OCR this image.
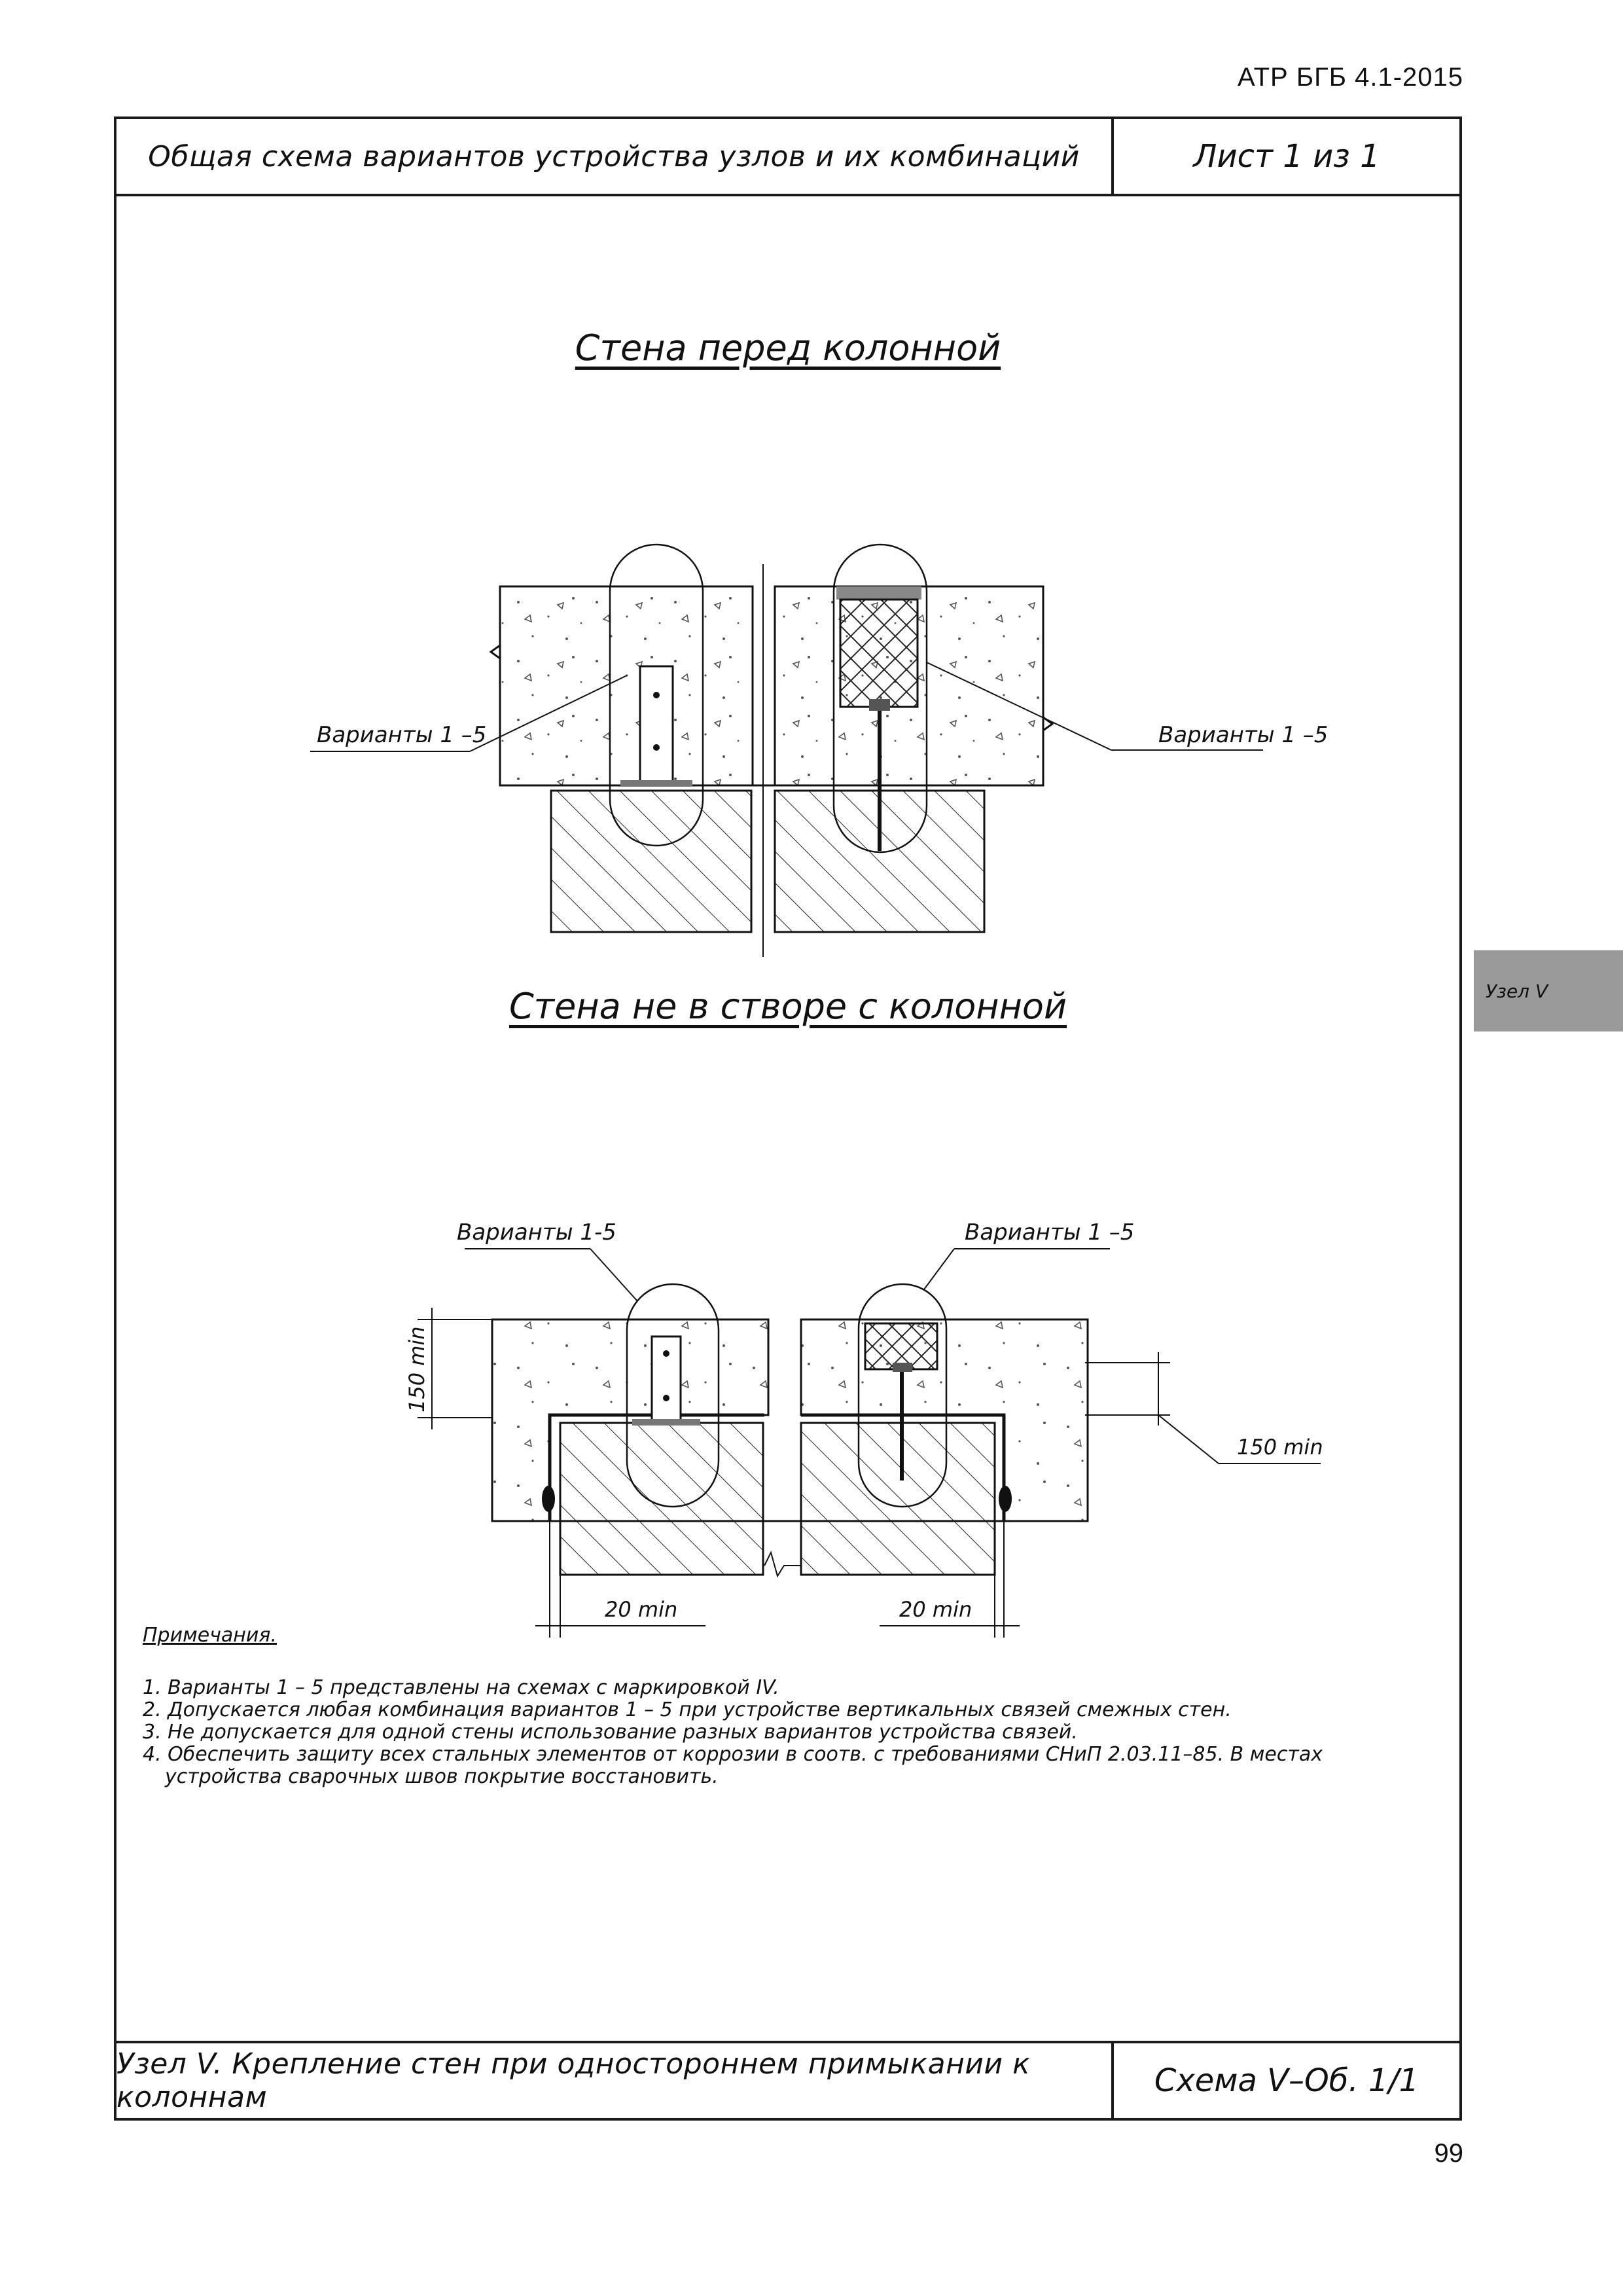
АТР БГБ 4.1-2015
Общая схема вариантов устройства узлов и их комбинаций	Лист 1 из 1
Стена перед колонной
Варианты 1 –5	Варианты 1 –5
Стена не в створе с колонной
Варианты 1-5	Варианты 1 –5
150 min
150 min
20 min	20 min
Примечания.
1. Варианты 1 – 5 представлены на схемах с маркировкой IV.
2. Допускается любая комбинация вариантов 1 – 5 при устройстве вертикальных связей смежных стен.
3. Не допускается для одной стены использование разных вариантов устройства связей.
4. Обеспечить защиту всех стальных элементов от коррозии в соотв. с требованиями СНиП 2.03.11–85. В местах устройства сварочных швов покрытие восстановить.
Узел V. Крепление стен при одностороннем примыкании к колоннам	Схема V–Об. 1/1
Узел V
99
